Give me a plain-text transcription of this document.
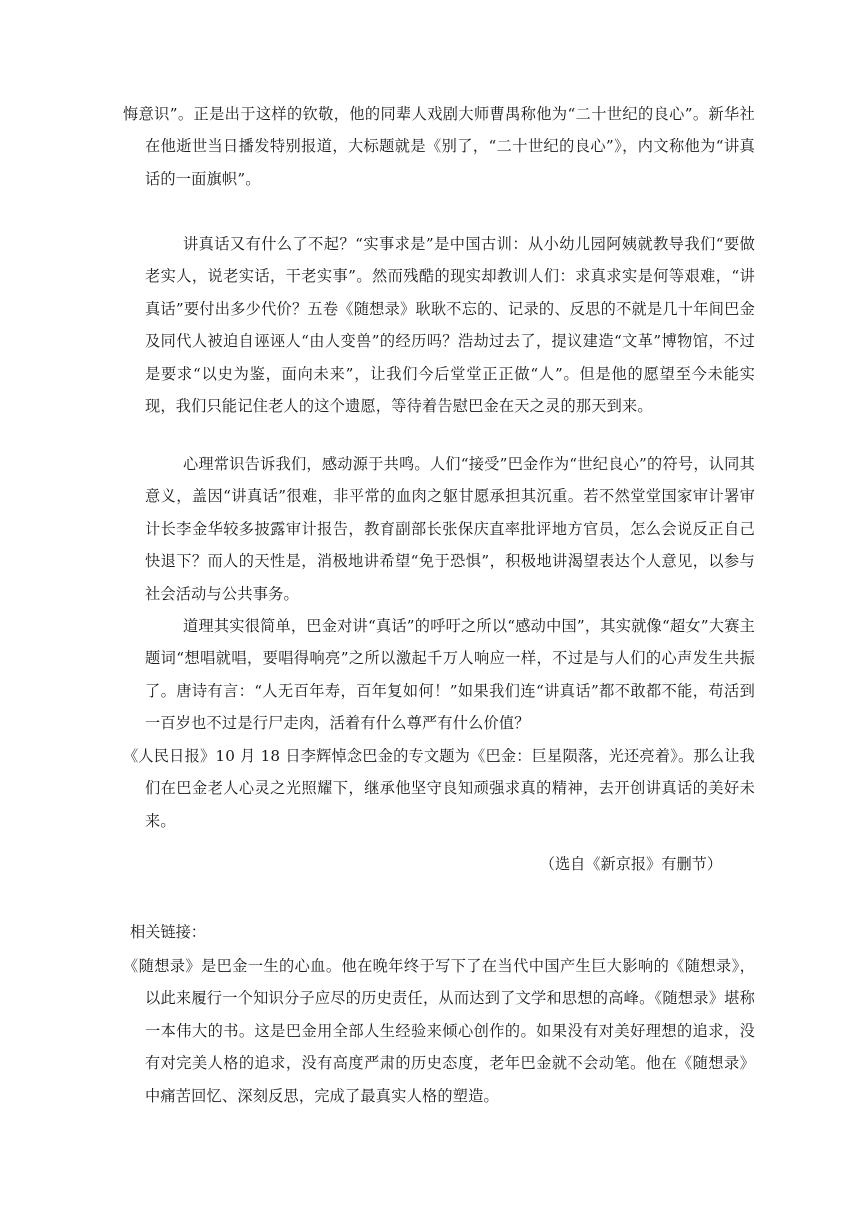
悔意识”。正是出于这样的钦敬，他的同辈人戏剧大师曹禺称他为“二十世纪的良心”。新华社在他逝世当日播发特别报道，大标题就是《别了，“二十世纪的良心”》，内文称他为“讲真话的一面旗帜”。

讲真话又有什么了不起？“实事求是”是中国古训：从小幼儿园阿姨就教导我们“要做老实人，说老实话，干老实事”。然而残酷的现实却教训人们：求真求实是何等艰难，“讲真话”要付出多少代价？五卷《随想录》耿耿不忘的、记录的、反思的不就是几十年间巴金及同代人被迫自诬诬人“由人变兽”的经历吗？浩劫过去了，提议建造“文革”博物馆，不过是要求“以史为鉴，面向未来”，让我们今后堂堂正正做“人”。但是他的愿望至今未能实现，我们只能记住老人的这个遗愿，等待着告慰巴金在天之灵的那天到来。

心理常识告诉我们，感动源于共鸣。人们“接受”巴金作为“世纪良心”的符号，认同其意义，盖因“讲真话”很难，非平常的血肉之躯甘愿承担其沉重。若不然堂堂国家审计署审计长李金华较多披露审计报告，教育副部长张保庆直率批评地方官员，怎么会说反正自己快退下？而人的天性是，消极地讲希望“免于恐惧”，积极地讲渴望表达个人意见，以参与社会活动与公共事务。

道理其实很简单，巴金对讲“真话”的呼吁之所以“感动中国”，其实就像“超女”大赛主题词“想唱就唱，要唱得响亮”之所以激起千万人响应一样，不过是与人们的心声发生共振了。唐诗有言：“人无百年寿，百年复如何！”如果我们连“讲真话”都不敢都不能，苟活到一百岁也不过是行尸走肉，活着有什么尊严有什么价值？

《人民日报》10 月 18 日李辉悼念巴金的专文题为《巴金：巨星陨落，光还亮着》。那么让我们在巴金老人心灵之光照耀下，继承他坚守良知顽强求真的精神，去开创讲真话的美好未来。

（选自《新京报》有删节）

相关链接：

《随想录》是巴金一生的心血。他在晚年终于写下了在当代中国产生巨大影响的《随想录》，以此来履行一个知识分子应尽的历史责任，从而达到了文学和思想的高峰。《随想录》堪称一本伟大的书。这是巴金用全部人生经验来倾心创作的。如果没有对美好理想的追求，没有对完美人格的追求，没有高度严肃的历史态度，老年巴金就不会动笔。他在《随想录》中痛苦回忆、深刻反思，完成了最真实人格的塑造。
